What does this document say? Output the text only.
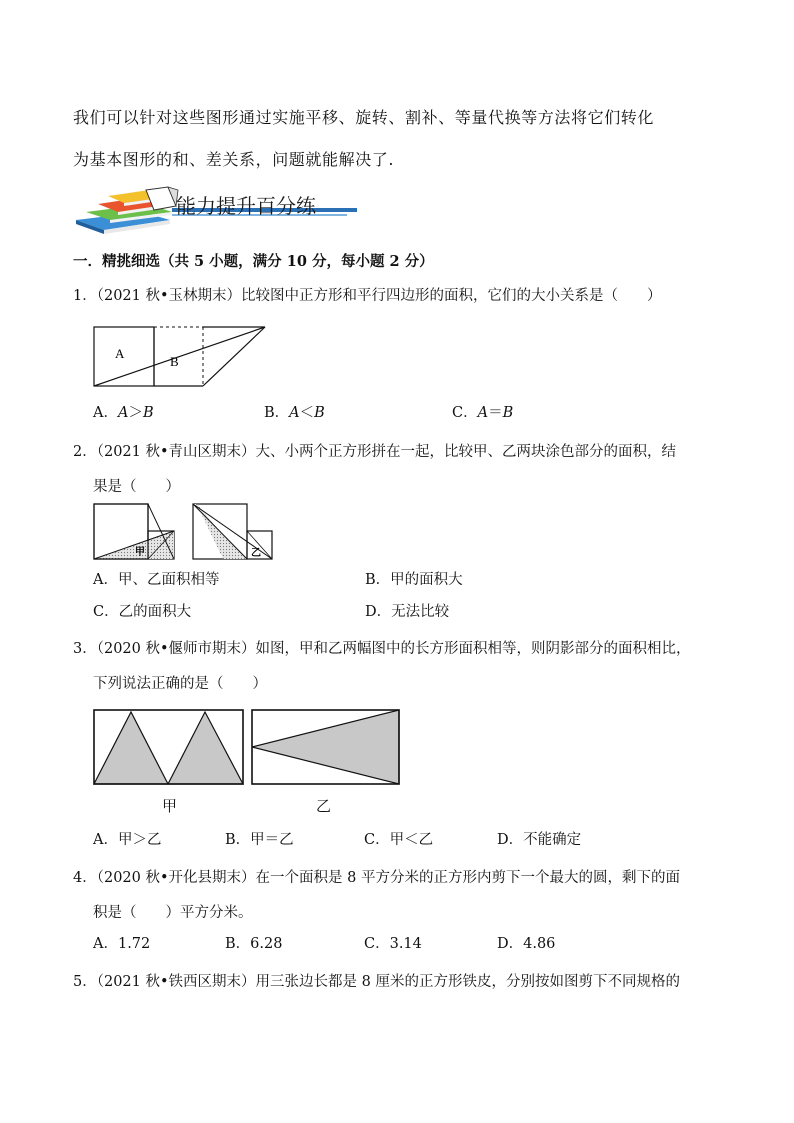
我们可以针对这些图形通过实施平移、旋转、割补、等量代换等方法将它们转化
为基本图形的和、差关系，问题就能解决了.
能力提升百分练
一．精挑细选（共 5 小题，满分 10 分，每小题 2 分）
1．（2021 秋•玉林期末）比较图中正方形和平行四边形的面积，它们的大小关系是（　　）
A
B
A．A＞B	B．A＜B	C．A＝B
2．（2021 秋•青山区期末）大、小两个正方形拼在一起，比较甲、乙两块涂色部分的面积，结
果是（　　）
甲	乙
A．甲、乙面积相等	B．甲的面积大
C．乙的面积大	D．无法比较
3．（2020 秋•偃师市期末）如图，甲和乙两幅图中的长方形面积相等，则阴影部分的面积相比，
下列说法正确的是（　　）
甲	乙
A．甲＞乙	B．甲＝乙	C．甲＜乙	D．不能确定
4．（2020 秋•开化县期末）在一个面积是 8 平方分米的正方形内剪下一个最大的圆，剩下的面
积是（　　）平方分米。
A．1.72	B．6.28	C．3.14	D．4.86
5．（2021 秋•铁西区期末）用三张边长都是 8 厘米的正方形铁皮，分别按如图剪下不同规格的
